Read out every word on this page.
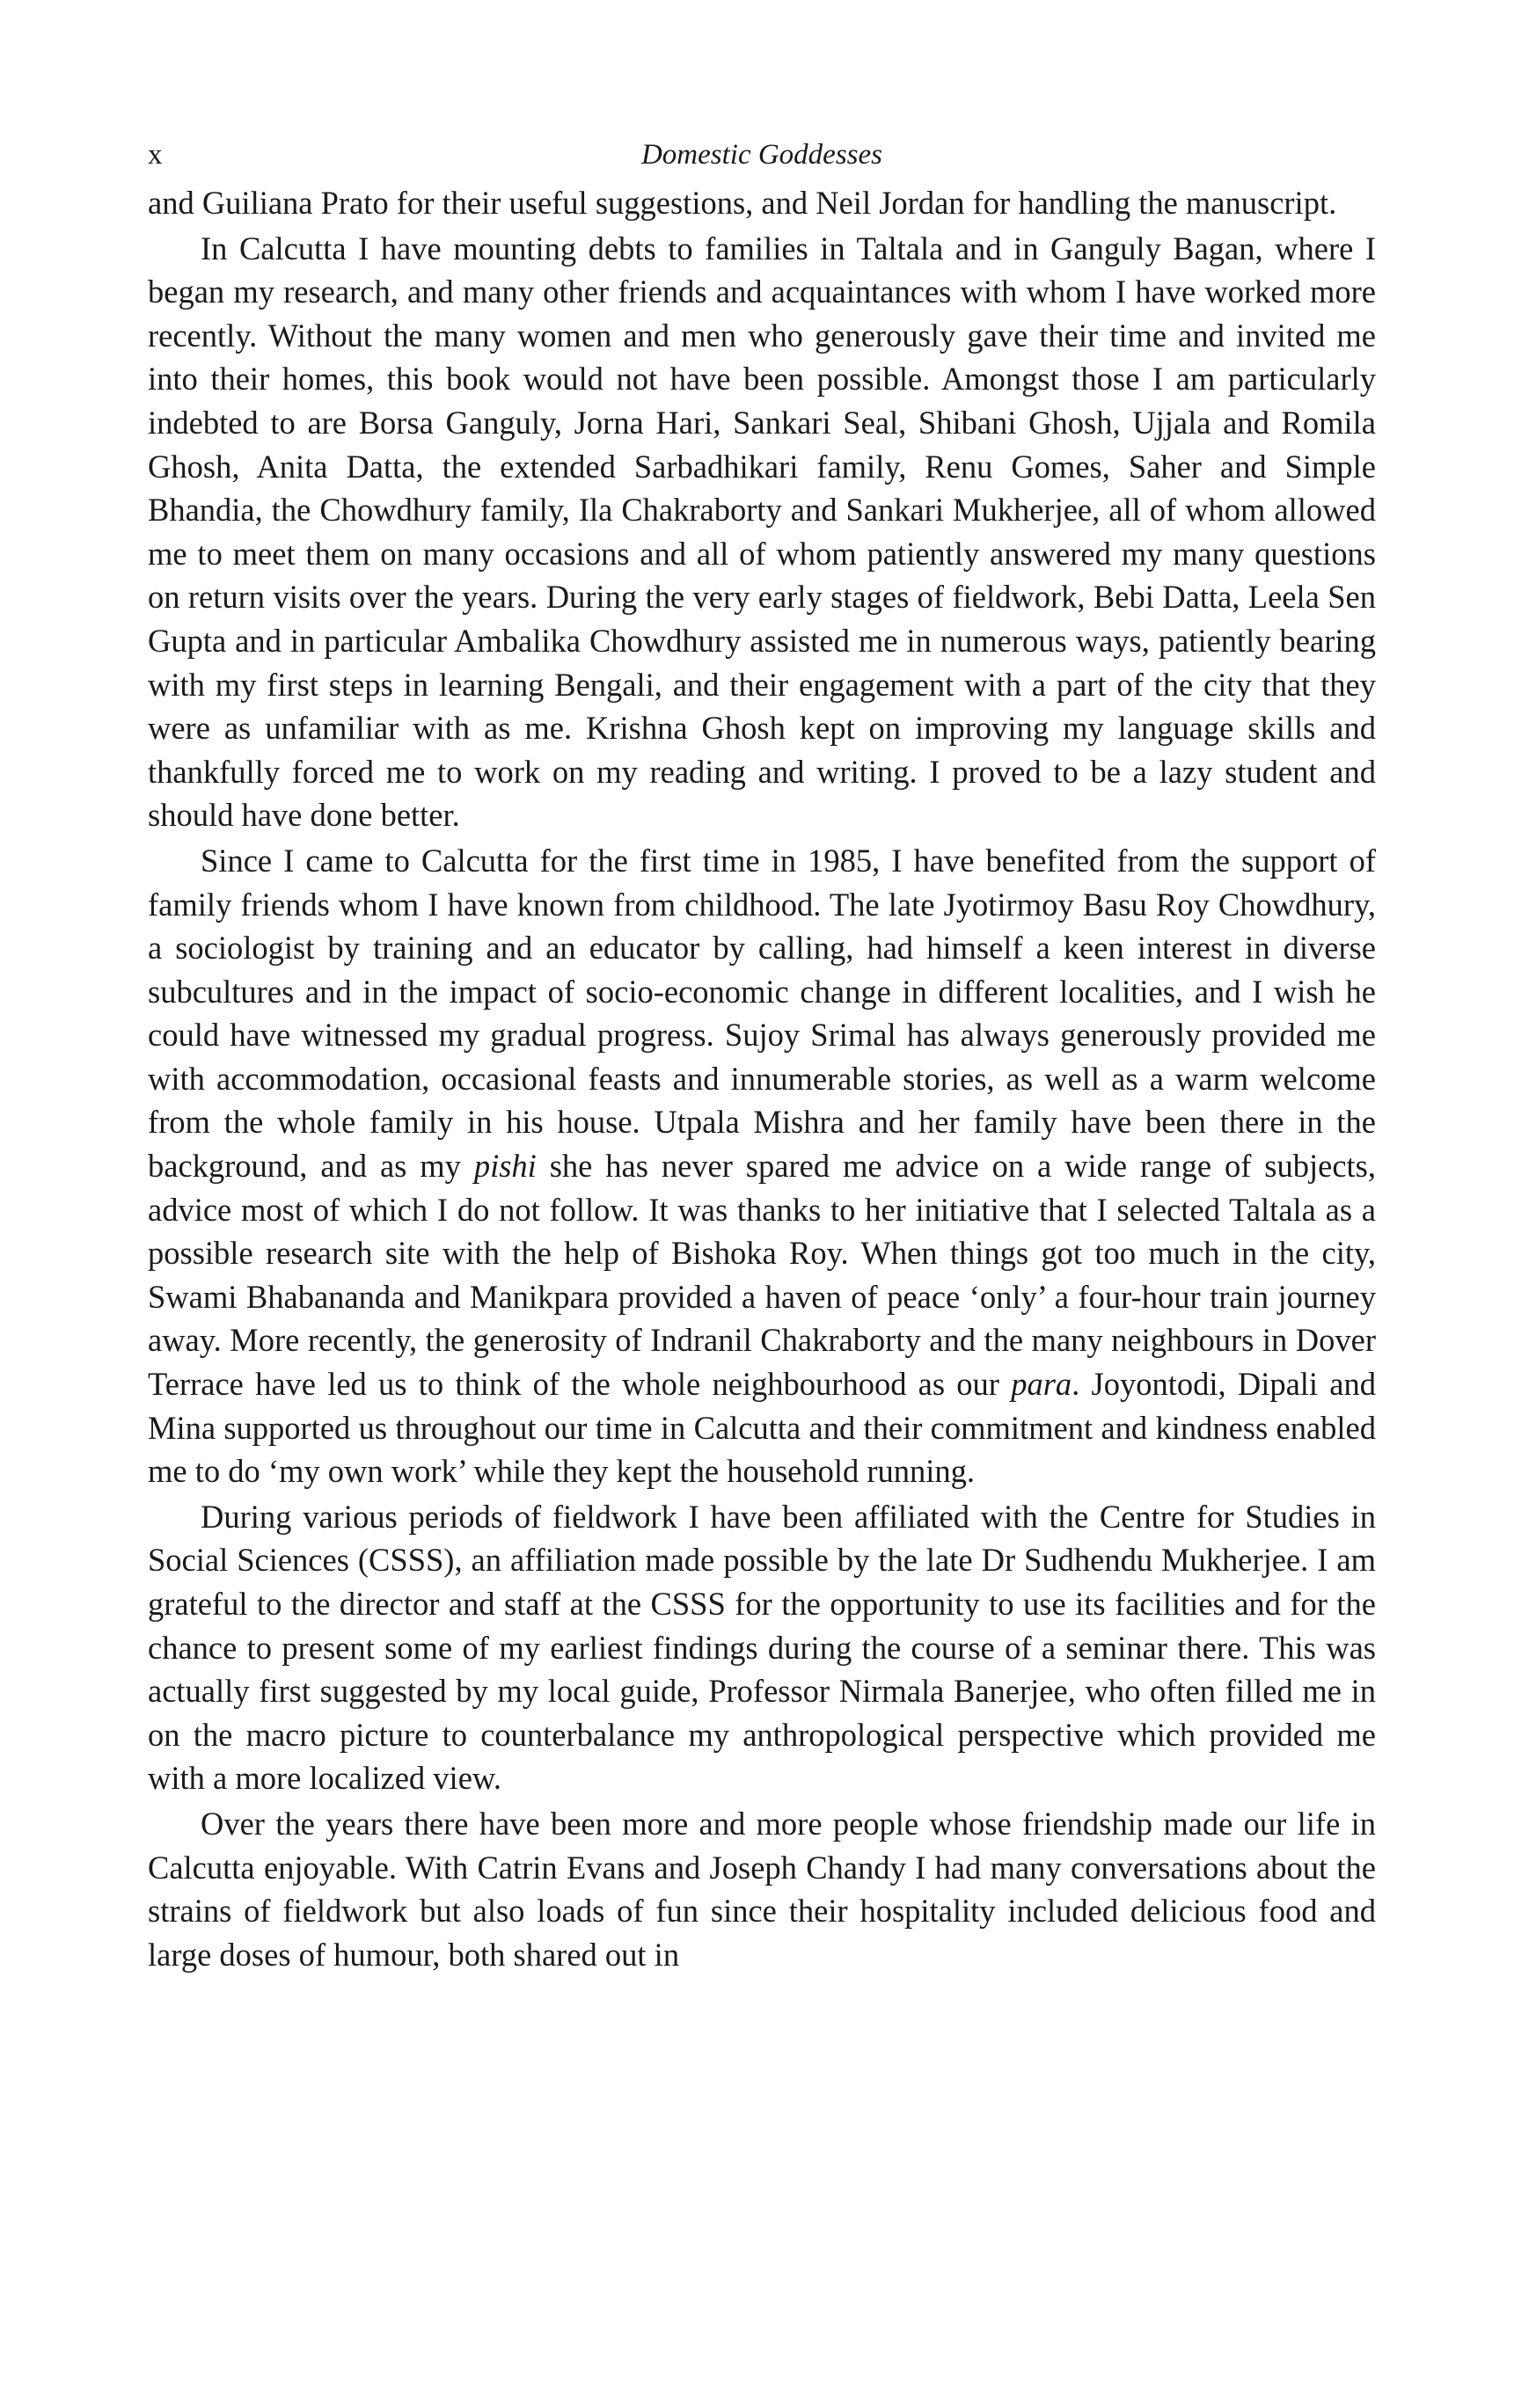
x	Domestic Goddesses

and Guiliana Prato for their useful suggestions, and Neil Jordan for handling the manuscript.

In Calcutta I have mounting debts to families in Taltala and in Ganguly Bagan, where I began my research, and many other friends and acquaintances with whom I have worked more recently. Without the many women and men who generously gave their time and invited me into their homes, this book would not have been possible. Amongst those I am particularly indebted to are Borsa Ganguly, Jorna Hari, Sankari Seal, Shibani Ghosh, Ujjala and Romila Ghosh, Anita Datta, the extended Sarbadhikari family, Renu Gomes, Saher and Simple Bhandia, the Chowdhury family, Ila Chakraborty and Sankari Mukherjee, all of whom allowed me to meet them on many occasions and all of whom patiently answered my many questions on return visits over the years. During the very early stages of fieldwork, Bebi Datta, Leela Sen Gupta and in particular Ambalika Chowdhury assisted me in numerous ways, patiently bearing with my first steps in learning Bengali, and their engagement with a part of the city that they were as unfamiliar with as me. Krishna Ghosh kept on improving my language skills and thankfully forced me to work on my reading and writing. I proved to be a lazy student and should have done better.

Since I came to Calcutta for the first time in 1985, I have benefited from the support of family friends whom I have known from childhood. The late Jyotirmoy Basu Roy Chowdhury, a sociologist by training and an educator by calling, had himself a keen interest in diverse subcultures and in the impact of socio-economic change in different localities, and I wish he could have witnessed my gradual progress. Sujoy Srimal has always generously provided me with accommodation, occasional feasts and innumerable stories, as well as a warm welcome from the whole family in his house. Utpala Mishra and her family have been there in the background, and as my pishi she has never spared me advice on a wide range of subjects, advice most of which I do not follow. It was thanks to her initiative that I selected Taltala as a possible research site with the help of Bishoka Roy. When things got too much in the city, Swami Bhabananda and Manikpara provided a haven of peace ‘only’ a four-hour train journey away. More recently, the generosity of Indranil Chakraborty and the many neighbours in Dover Terrace have led us to think of the whole neighbourhood as our para. Joyontodi, Dipali and Mina supported us throughout our time in Calcutta and their commitment and kindness enabled me to do ‘my own work’ while they kept the household running.

During various periods of fieldwork I have been affiliated with the Centre for Studies in Social Sciences (CSSS), an affiliation made possible by the late Dr Sudhendu Mukherjee. I am grateful to the director and staff at the CSSS for the opportunity to use its facilities and for the chance to present some of my earliest findings during the course of a seminar there. This was actually first suggested by my local guide, Professor Nirmala Banerjee, who often filled me in on the macro picture to counterbalance my anthropological perspective which provided me with a more localized view.

Over the years there have been more and more people whose friendship made our life in Calcutta enjoyable. With Catrin Evans and Joseph Chandy I had many conversations about the strains of fieldwork but also loads of fun since their hospitality included delicious food and large doses of humour, both shared out in
